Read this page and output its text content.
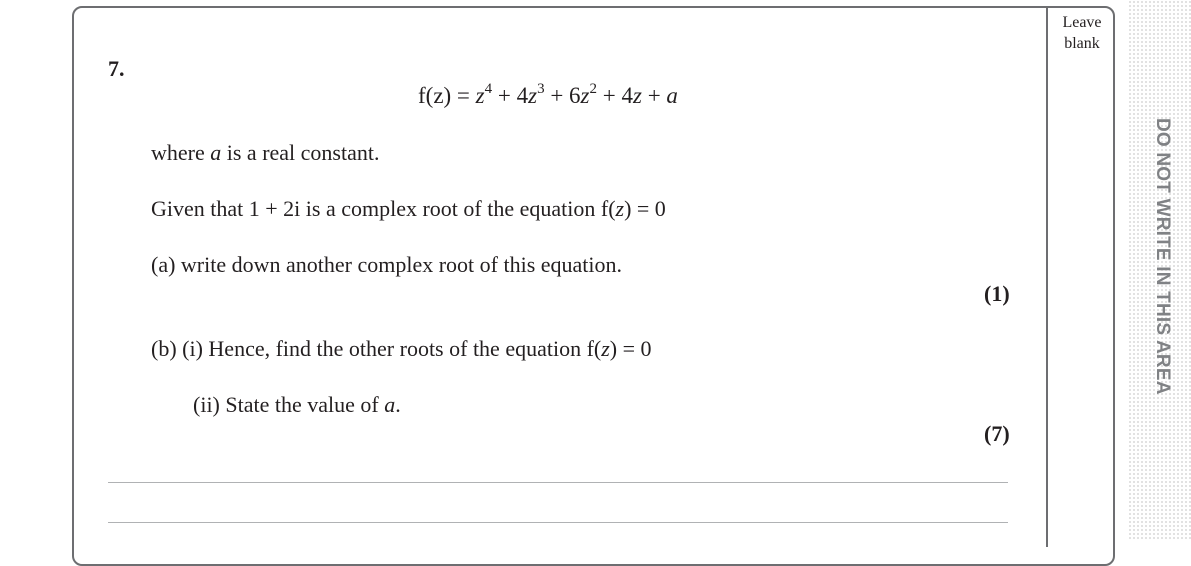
Leave
blank
DO NOT WRITE IN THIS AREA
7.
$f(z) = z^4 + 4z^3 + 6z^2 + 4z + a$
where a is a real constant.
Given that 1 + 2i is a complex root of the equation f(z) = 0
(a) write down another complex root of this equation.
(1)
(b) (i) Hence, find the other roots of the equation f(z) = 0
(ii) State the value of a.
(7)
